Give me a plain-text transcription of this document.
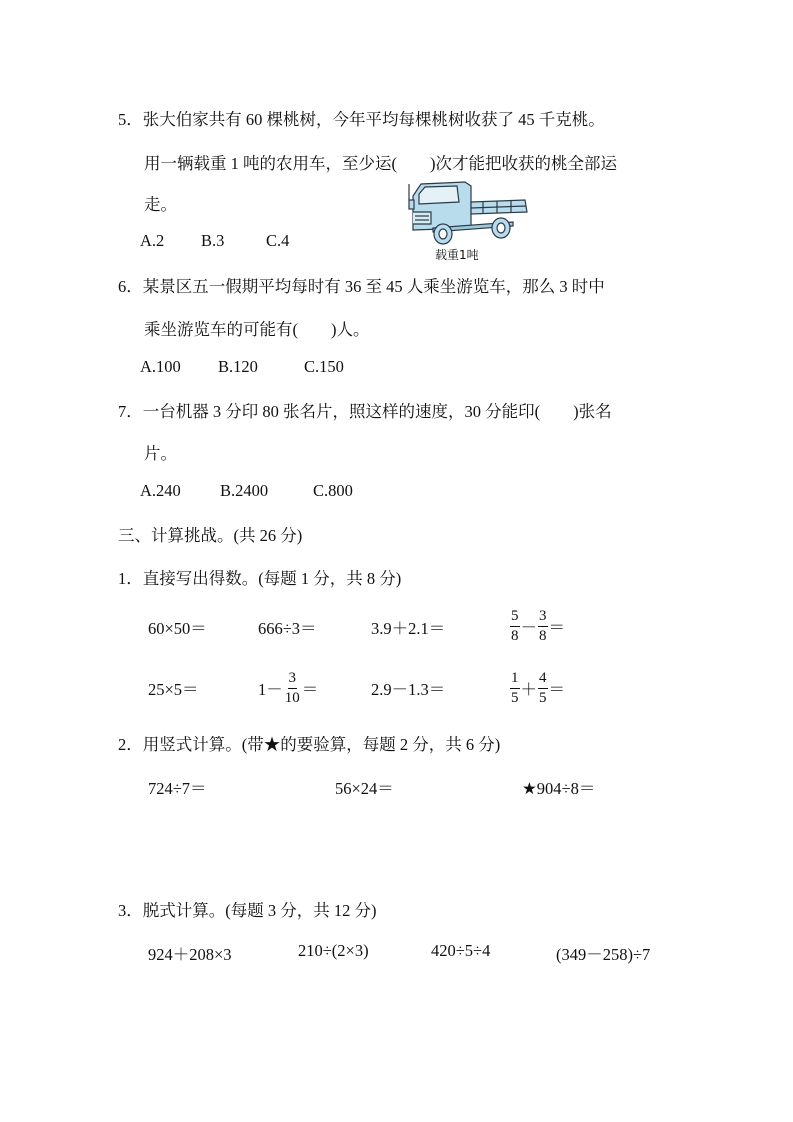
5．张大伯家共有 60 棵桃树，今年平均每棵桃树收获了 45 千克桃。
用一辆载重 1 吨的农用车，至少运(　　)次才能把收获的桃全部运
走。
A.2 B.3	C.4
载重1吨
6．某景区五一假期平均每时有 36 至 45 人乘坐游览车，那么 3 时中
乘坐游览车的可能有(　　)人。
A.100 B.120	C.150
7．一台机器 3 分印 80 张名片，照这样的速度，30 分能印(　　)张名
片。
A.240 B.2400	C.800
三、计算挑战。(共 26 分)
1．直接写出得数。(每题 1 分，共 8 分)
60×50＝	666÷3＝	3.9＋2.1＝	$\frac{5}{8} - \frac{3}{8}$ ＝
25×5＝	$1- \frac{3}{10}$ ＝	2.9－1.3＝	$\frac{1}{5} + \frac{4}{5}$ ＝
2．用竖式计算。(带★的要验算，每题 2 分，共 6 分)
724÷7＝	56×24＝	★904÷8＝
3．脱式计算。(每题 3 分，共 12 分)
924＋208×3	210÷(2×3)	420÷5÷4	(349－258)÷7
